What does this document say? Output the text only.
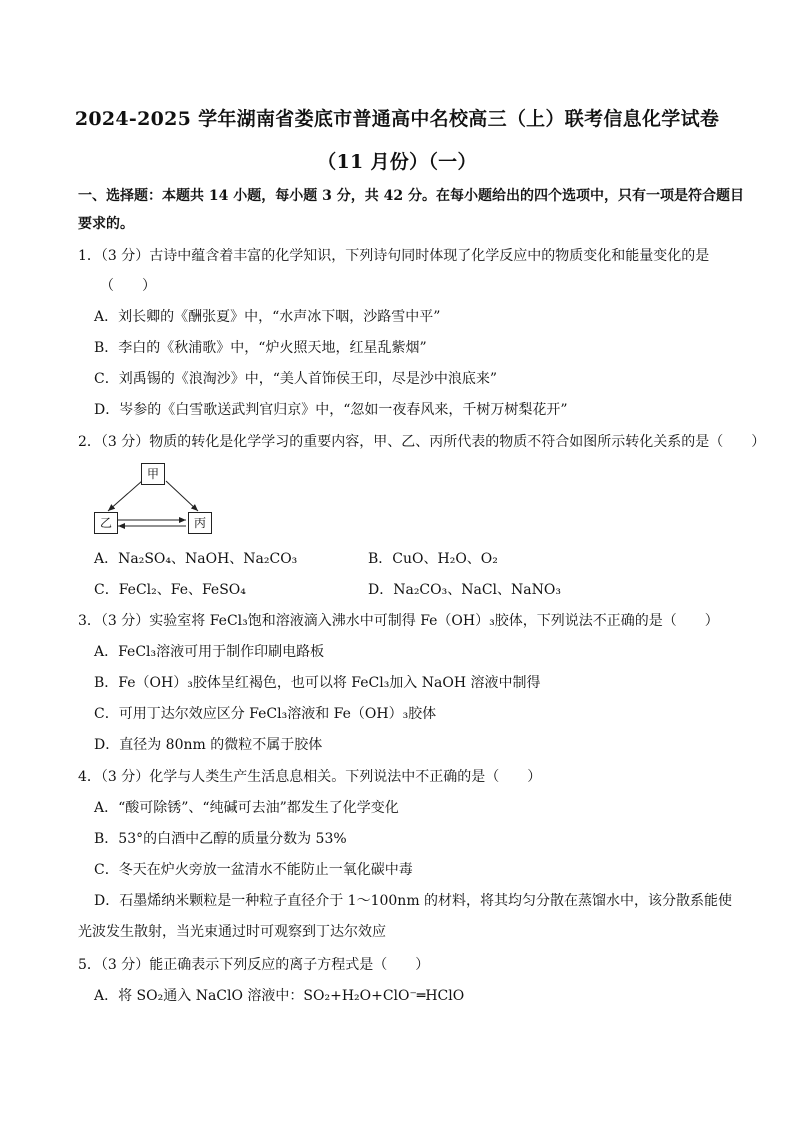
2024-2025 学年湖南省娄底市普通高中名校高三（上）联考信息化学试卷
（11 月份）（一）
一、选择题：本题共 14 小题，每小题 3 分，共 42 分。在每小题给出的四个选项中，只有一项是符合题目
要求的。
1．（3 分）古诗中蕴含着丰富的化学知识，下列诗句同时体现了化学反应中的物质变化和能量变化的是
（　　）
A．刘长卿的《酬张夏》中，“水声冰下咽，沙路雪中平”
B．李白的《秋浦歌》中，“炉火照天地，红星乱紫烟”
C．刘禹锡的《浪淘沙》中，“美人首饰侯王印，尽是沙中浪底来”
D．岑参的《白雪歌送武判官归京》中，“忽如一夜春风来，千树万树梨花开”
2．（3 分）物质的转化是化学学习的重要内容，甲、乙、丙所代表的物质不符合如图所示转化关系的是（　　）
甲
乙	丙
A．Na₂SO₄、NaOH、Na₂CO₃	B．CuO、H₂O、O₂
C．FeCl₂、Fe、FeSO₄	D．Na₂CO₃、NaCl、NaNO₃
3．（3 分）实验室将 FeCl₃饱和溶液滴入沸水中可制得 Fe（OH）₃胶体，下列说法不正确的是（　　）
A．FeCl₃溶液可用于制作印刷电路板
B．Fe（OH）₃胶体呈红褐色，也可以将 FeCl₃加入 NaOH 溶液中制得
C．可用丁达尔效应区分 FeCl₃溶液和 Fe（OH）₃胶体
D．直径为 80nm 的微粒不属于胶体
4．（3 分）化学与人类生产生活息息相关。下列说法中不正确的是（　　）
A．“酸可除锈”、“纯碱可去油”都发生了化学变化
B．53°的白酒中乙醇的质量分数为 53%
C．冬天在炉火旁放一盆清水不能防止一氧化碳中毒
D．石墨烯纳米颗粒是一种粒子直径介于 1～100nm 的材料，将其均匀分散在蒸馏水中，该分散系能使
光波发生散射，当光束通过时可观察到丁达尔效应
5．（3 分）能正确表示下列反应的离子方程式是（　　）
A．将 SO₂通入 NaClO 溶液中：SO₂+H₂O+ClO⁻═HClO
